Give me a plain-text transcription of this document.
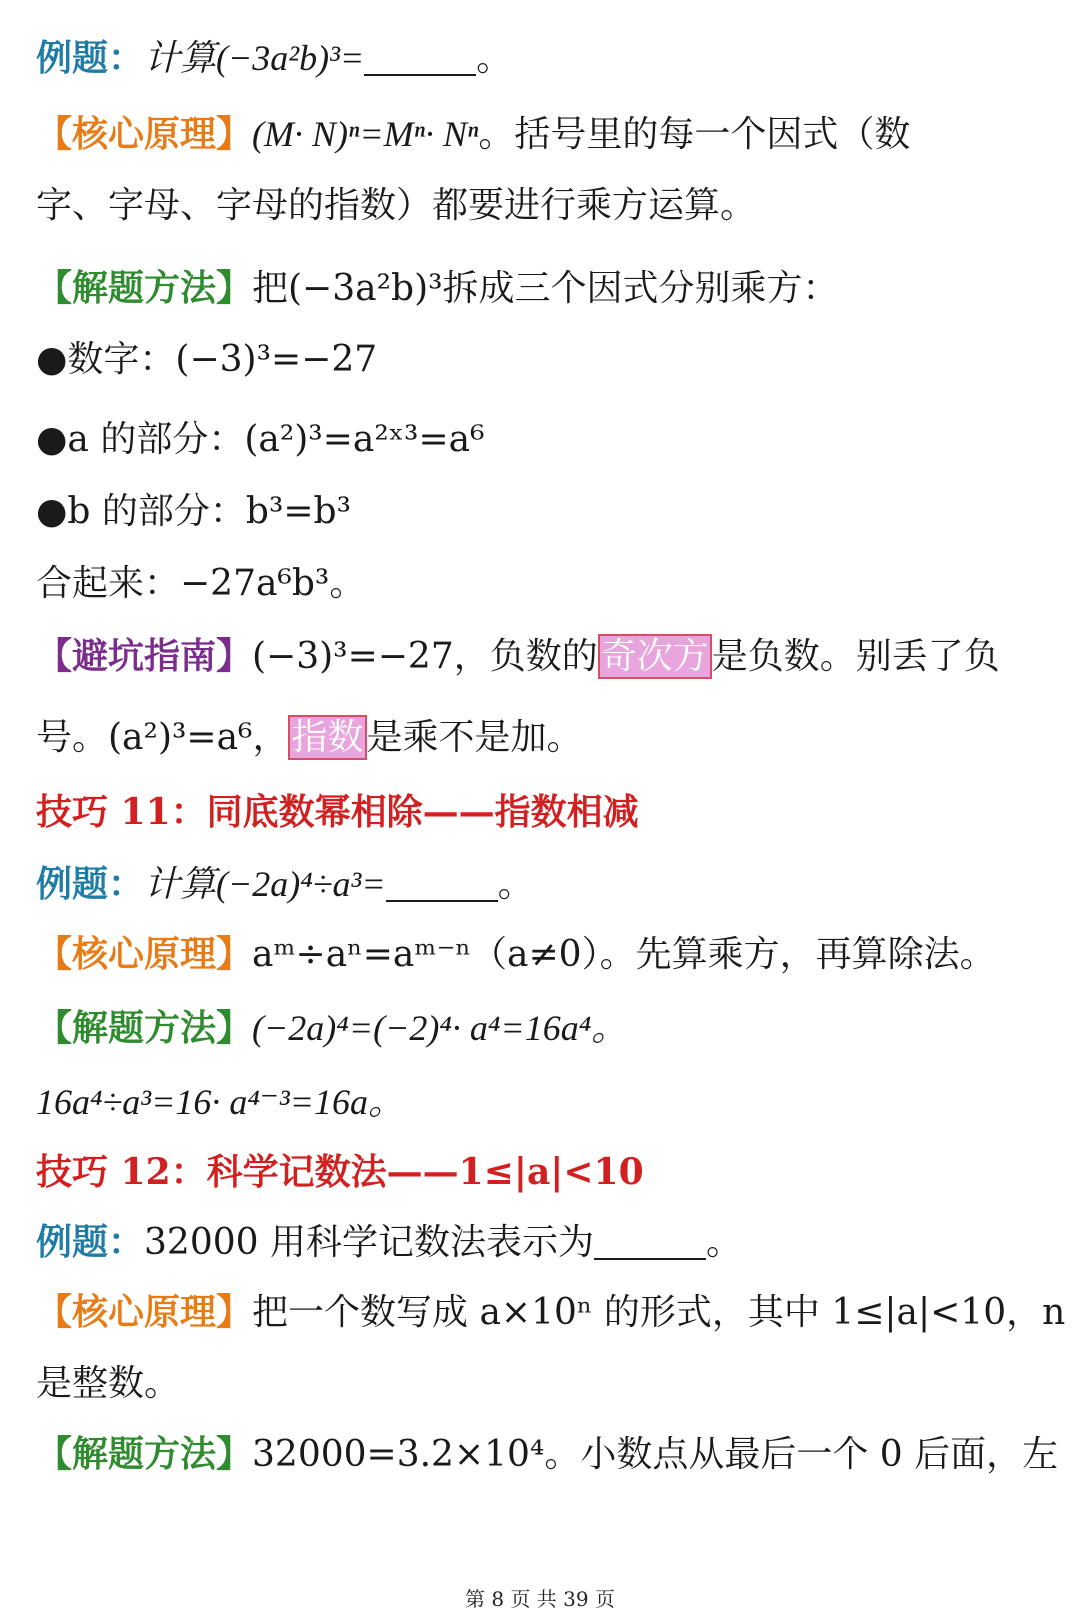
例题：计算(−3a²b)³=	。
【核心原理】(M· N)ⁿ=Mⁿ· Nⁿ。括号里的每一个因式（数
字、字母、字母的指数）都要进行乘方运算。
【解题方法】把(−3a²b)³拆成三个因式分别乘方：
●数字：(−3)³=−27
●a 的部分：(a²)³=a²ˣ³=a⁶
●b 的部分：b³=b³
合起来：−27a⁶b³。
【避坑指南】(−3)³=−27，负数的奇次方是负数。别丢了负
号。(a²)³=a⁶，指数是乘不是加。
技巧 11：同底数幂相除——指数相减
例题：计算(−2a)⁴÷a³=	。
【核心原理】aᵐ÷aⁿ=aᵐ⁻ⁿ（a≠0）。先算乘方，再算除法。
【解题方法】(−2a)⁴=(−2)⁴· a⁴=16a⁴。
16a⁴÷a³=16· a⁴⁻³=16a。
技巧 12：科学记数法——1≤|a|<10
例题：32000 用科学记数法表示为	。
【核心原理】把一个数写成 a×10ⁿ 的形式，其中 1≤|a|<10，n
是整数。
【解题方法】32000=3.2×10⁴。小数点从最后一个 0 后面，左
第 8 页 共 39 页
